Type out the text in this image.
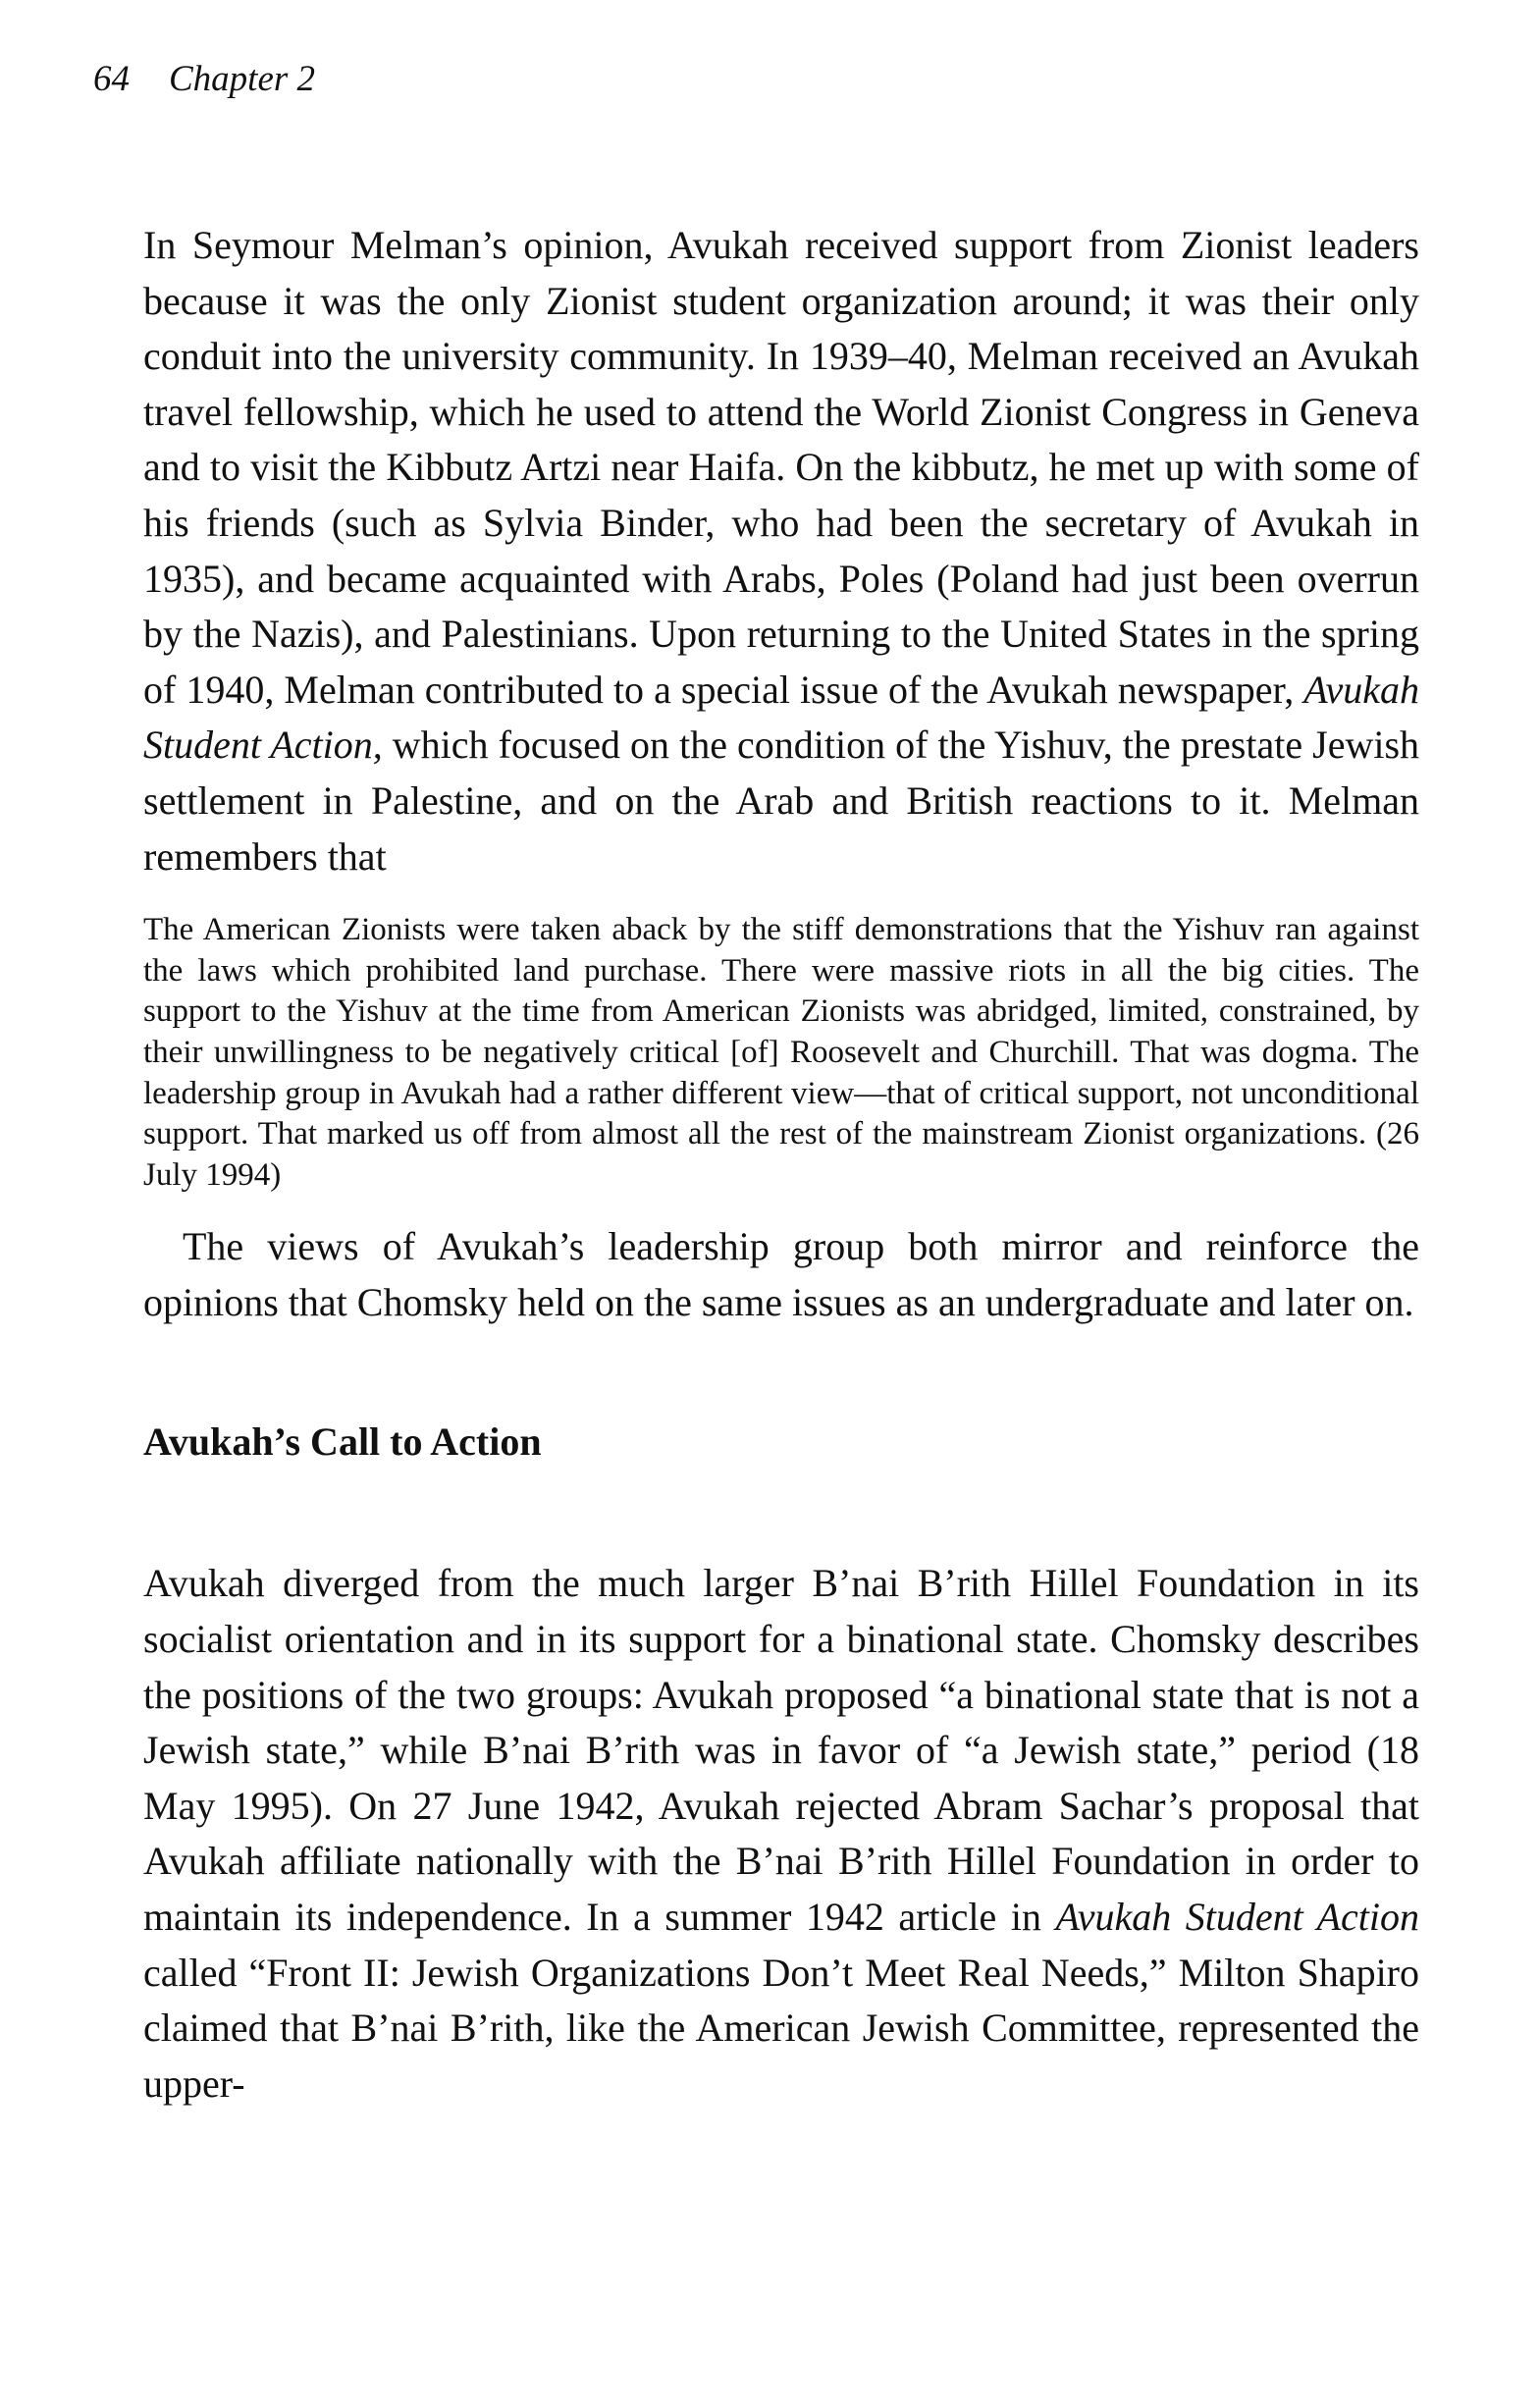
64 Chapter 2

In Seymour Melman’s opinion, Avukah received support from Zionist leaders because it was the only Zionist student organization around; it was their only conduit into the university community. In 1939–40, Melman received an Avukah travel fellowship, which he used to attend the World Zionist Congress in Geneva and to visit the Kibbutz Artzi near Haifa. On the kibbutz, he met up with some of his friends (such as Sylvia Binder, who had been the secretary of Avukah in 1935), and became acquainted with Arabs, Poles (Poland had just been overrun by the Nazis), and Palestinians. Upon returning to the United States in the spring of 1940, Melman contributed to a special issue of the Avukah newspaper, Avukah Student Action, which focused on the condition of the Yishuv, the prestate Jewish settlement in Palestine, and on the Arab and British reactions to it. Melman remembers that

The American Zionists were taken aback by the stiff demonstrations that the Yishuv ran against the laws which prohibited land purchase. There were massive riots in all the big cities. The support to the Yishuv at the time from American Zionists was abridged, limited, constrained, by their unwillingness to be negatively critical [of] Roosevelt and Churchill. That was dogma. The leadership group in Avukah had a rather different view—that of critical support, not unconditional support. That marked us off from almost all the rest of the mainstream Zionist organizations. (26 July 1994)

The views of Avukah’s leadership group both mirror and reinforce the opinions that Chomsky held on the same issues as an undergraduate and later on.

Avukah’s Call to Action

Avukah diverged from the much larger B’nai B’rith Hillel Foundation in its socialist orientation and in its support for a binational state. Chomsky describes the positions of the two groups: Avukah proposed “a binational state that is not a Jewish state,” while B’nai B’rith was in favor of “a Jewish state,” period (18 May 1995). On 27 June 1942, Avukah rejected Abram Sachar’s proposal that Avukah affiliate nationally with the B’nai B’rith Hillel Foundation in order to maintain its independence. In a summer 1942 article in Avukah Student Action called “Front II: Jewish Organizations Don’t Meet Real Needs,” Milton Shapiro claimed that B’nai B’rith, like the American Jewish Committee, represented the upper-
